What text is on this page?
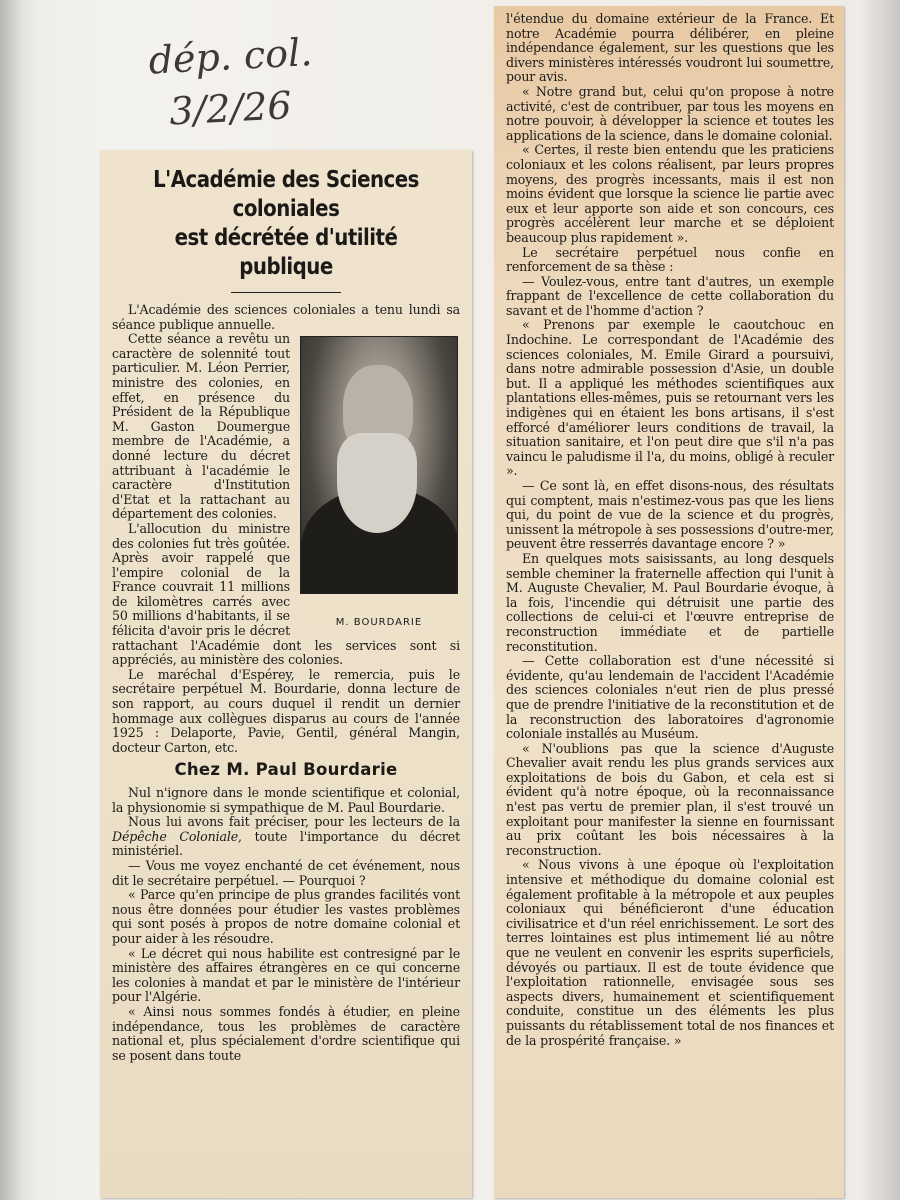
dép. col.
3/2/26
L'Académie des Sciences coloniales
est décrétée d'utilité publique

L'Académie des sciences coloniales a tenu lundi sa séance publique annuelle.

M. BOURDARIE

Cette séance a revêtu un caractère de solennité tout particulier. M. Léon Perrier, ministre des colonies, en effet, en présence du Président de la République M. Gaston Doumergue membre de l'Académie, a donné lecture du décret attribuant à l'académie le caractère d'Institution d'Etat et la rattachant au département des colonies.

L'allocution du ministre des colonies fut très goûtée. Après avoir rappelé que l'empire colonial de la France couvrait 11 millions de kilomètres carrés avec 50 millions d'habitants, il se félicita d'avoir pris le décret rattachant l'Académie dont les services sont si appréciés, au ministère des colonies.

Le maréchal d'Espérey, le remercia, puis le secrétaire perpétuel M. Bourdarie, donna lecture de son rapport, au cours duquel il rendit un dernier hommage aux collègues disparus au cours de l'année 1925 : Delaporte, Pavie, Gentil, général Mangin, docteur Carton, etc.

Chez M. Paul Bourdarie

Nul n'ignore dans le monde scientifique et colonial, la physionomie si sympathique de M. Paul Bourdarie.

Nous lui avons fait préciser, pour les lecteurs de la Dépêche Coloniale, toute l'importance du décret ministériel.

— Vous me voyez enchanté de cet événement, nous dit le secrétaire perpétuel. — Pourquoi ?

« Parce qu'en principe de plus grandes facilités vont nous être données pour étudier les vastes problèmes qui sont posés à propos de notre domaine colonial et pour aider à les résoudre.

« Le décret qui nous habilite est contresigné par le ministère des affaires étrangères en ce qui concerne les colonies à mandat et par le ministère de l'intérieur pour l'Algérie.

« Ainsi nous sommes fondés à étudier, en pleine indépendance, tous les problèmes de caractère national et, plus spécialement d'ordre scientifique qui se posent dans toute

l'étendue du domaine extérieur de la France. Et notre Académie pourra délibérer, en pleine indépendance également, sur les questions que les divers ministères intéressés voudront lui soumettre, pour avis.

« Notre grand but, celui qu'on propose à notre activité, c'est de contribuer, par tous les moyens en notre pouvoir, à développer la science et toutes les applications de la science, dans le domaine colonial.

« Certes, il reste bien entendu que les praticiens coloniaux et les colons réalisent, par leurs propres moyens, des progrès incessants, mais il est non moins évident que lorsque la science lie partie avec eux et leur apporte son aide et son concours, ces progrès accélèrent leur marche et se déploient beaucoup plus rapidement ».

Le secrétaire perpétuel nous confie en renforcement de sa thèse :

— Voulez-vous, entre tant d'autres, un exemple frappant de l'excellence de cette collaboration du savant et de l'homme d'action ?

« Prenons par exemple le caoutchouc en Indochine. Le correspondant de l'Académie des sciences coloniales, M. Emile Girard a poursuivi, dans notre admirable possession d'Asie, un double but. Il a appliqué les méthodes scientifiques aux plantations elles-mêmes, puis se retournant vers les indigènes qui en étaient les bons artisans, il s'est efforcé d'améliorer leurs conditions de travail, la situation sanitaire, et l'on peut dire que s'il n'a pas vaincu le paludisme il l'a, du moins, obligé à reculer ».

— Ce sont là, en effet disons-nous, des résultats qui comptent, mais n'estimez-vous pas que les liens qui, du point de vue de la science et du progrès, unissent la métropole à ses possessions d'outre-mer, peuvent être resserrés davantage encore ? »

En quelques mots saisissants, au long desquels semble cheminer la fraternelle affection qui l'unit à M. Auguste Chevalier, M. Paul Bourdarie évoque, à la fois, l'incendie qui détruisit une partie des collections de celui-ci et l'œuvre entreprise de reconstruction immédiate et de partielle reconstitution.

— Cette collaboration est d'une nécessité si évidente, qu'au lendemain de l'accident l'Académie des sciences coloniales n'eut rien de plus pressé que de prendre l'initiative de la reconstitution et de la reconstruction des laboratoires d'agronomie coloniale installés au Muséum.

« N'oublions pas que la science d'Auguste Chevalier avait rendu les plus grands services aux exploitations de bois du Gabon, et cela est si évident qu'à notre époque, où la reconnaissance n'est pas vertu de premier plan, il s'est trouvé un exploitant pour manifester la sienne en fournissant au prix coûtant les bois nécessaires à la reconstruction.

« Nous vivons à une époque où l'exploitation intensive et méthodique du domaine colonial est également profitable à la métropole et aux peuples coloniaux qui bénéficieront d'une éducation civilisatrice et d'un réel enrichissement. Le sort des terres lointaines est plus intimement lié au nôtre que ne veulent en convenir les esprits superficiels, dévoyés ou partiaux. Il est de toute évidence que l'exploitation rationnelle, envisagée sous ses aspects divers, humainement et scientifiquement conduite, constitue un des éléments les plus puissants du rétablissement total de nos finances et de la prospérité française. »
